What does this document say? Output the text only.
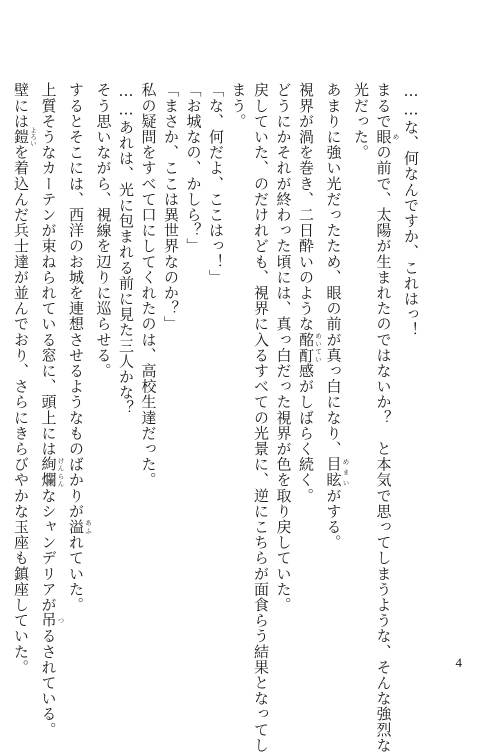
……な、何なんですか、これはっ！
まるで眼 めの前で、太陽が生まれたのではないか？　と本気で思ってしまうような、そんな強烈な
光だった。
あまりに強い光だったため、眼の前が真っ白になり、目眩 めまいがする。
視界が渦を巻き、二日酔いのような酩酊 めいてい感がしばらく続く。
どうにかそれが終わった頃には、真っ白だった視界が色を取り戻していた。
戻していた、のだけれども、視界に入るすべての光景に、逆にこちらが面食らう結果となってし
まう。
「な、何だよ、ここはっ！」
「お城なの、かしら？」
「まさか、ここは異世界なのか？」
私の疑問をすべて口にしてくれたのは、高校生達だった。
……あれは、光に包まれる前に見た三人かな？
そう思いながら、視線を辺りに巡らせる。
するとそこには、西洋のお城を連想させるようなものばかりが溢 あふれていた。
上質そうなカーテンが束ねられている窓に、頭上には絢爛 けんらんなシャンデリアが吊 つるされている。
壁には鎧 よろいを着込んだ兵士達が並んでおり、さらにきらびやかな玉座も鎮座していた。	4
